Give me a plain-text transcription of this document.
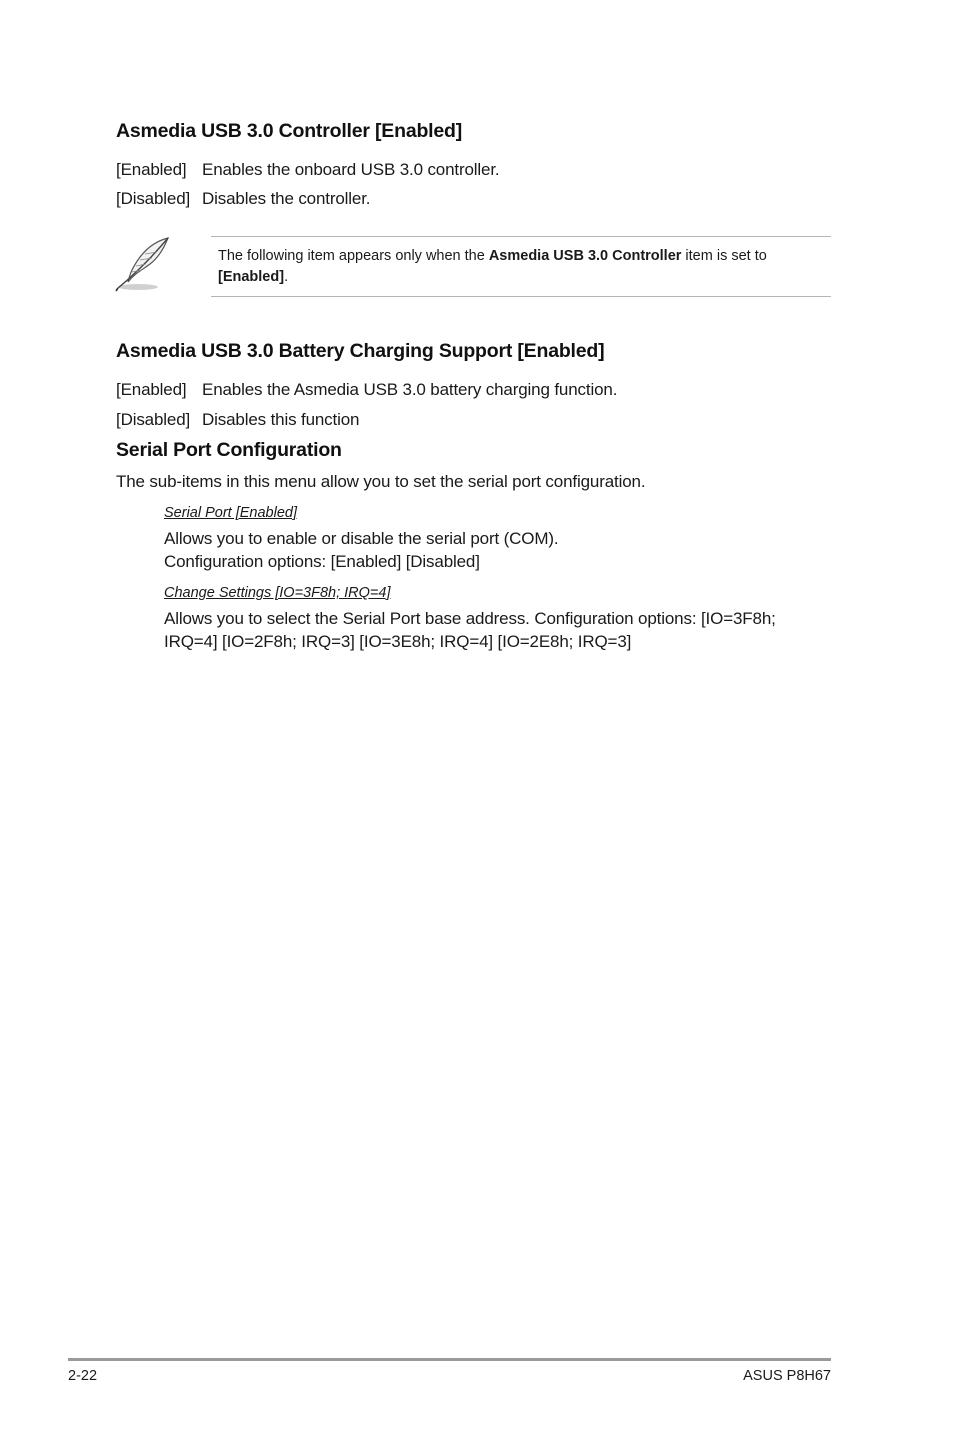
Asmedia USB 3.0 Controller [Enabled]
[Enabled] Enables the onboard USB 3.0 controller.
[Disabled] Disables the controller.
The following item appears only when the Asmedia USB 3.0 Controller item is set to
[Enabled].
Asmedia USB 3.0 Battery Charging Support [Enabled]
[Enabled] Enables the Asmedia USB 3.0 battery charging function.
[Disabled] Disables this function
Serial Port Configuration
The sub-items in this menu allow you to set the serial port configuration.
Serial Port [Enabled]
Allows you to enable or disable the serial port (COM).
Configuration options: [Enabled] [Disabled]
Change Settings [IO=3F8h; IRQ=4]
Allows you to select the Serial Port base address. Configuration options: [IO=3F8h;
IRQ=4] [IO=2F8h; IRQ=3] [IO=3E8h; IRQ=4] [IO=2E8h; IRQ=3]
2-22	ASUS P8H67
